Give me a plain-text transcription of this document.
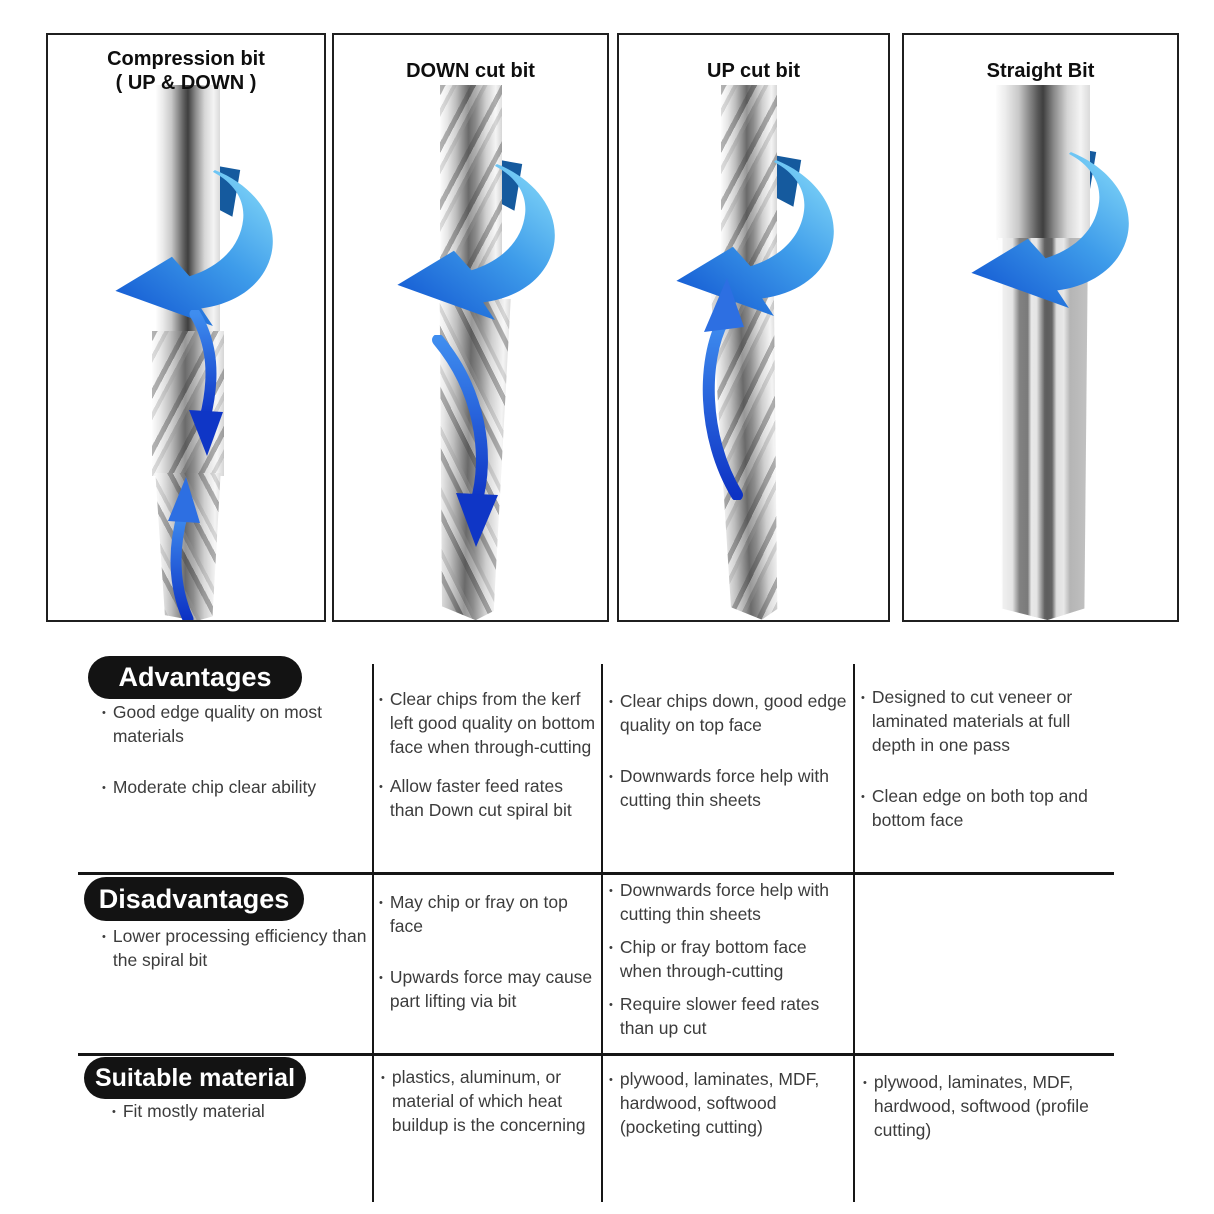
Compression bit
( UP & DOWN )
DOWN cut bit	UP cut bit	Straight Bit
Advantages
Disadvantages
Suitable material
• Good edge quality on most materials
• Moderate chip clear ability
• Clear chips from the kerf left good quality on bottom face when through-cutting
• Allow faster feed rates than Down cut spiral bit
• Clear chips down, good edge quality on top face
• Downwards force help with cutting thin sheets
• Designed to cut veneer or laminated materials at full depth in one pass
• Clean edge on both top and bottom face
• Lower processing efficiency than the spiral bit
• May chip or fray on top face
• Upwards force may cause part lifting via bit
• Downwards force help with cutting thin sheets
• Chip or fray bottom face when through-cutting
• Require slower feed rates than up cut
• Fit mostly material
• plastics, aluminum, or material of which heat buildup is the concerning
• plywood, laminates, MDF, hardwood, softwood (pocketing cutting)
• plywood, laminates, MDF, hardwood, softwood (profile cutting)
